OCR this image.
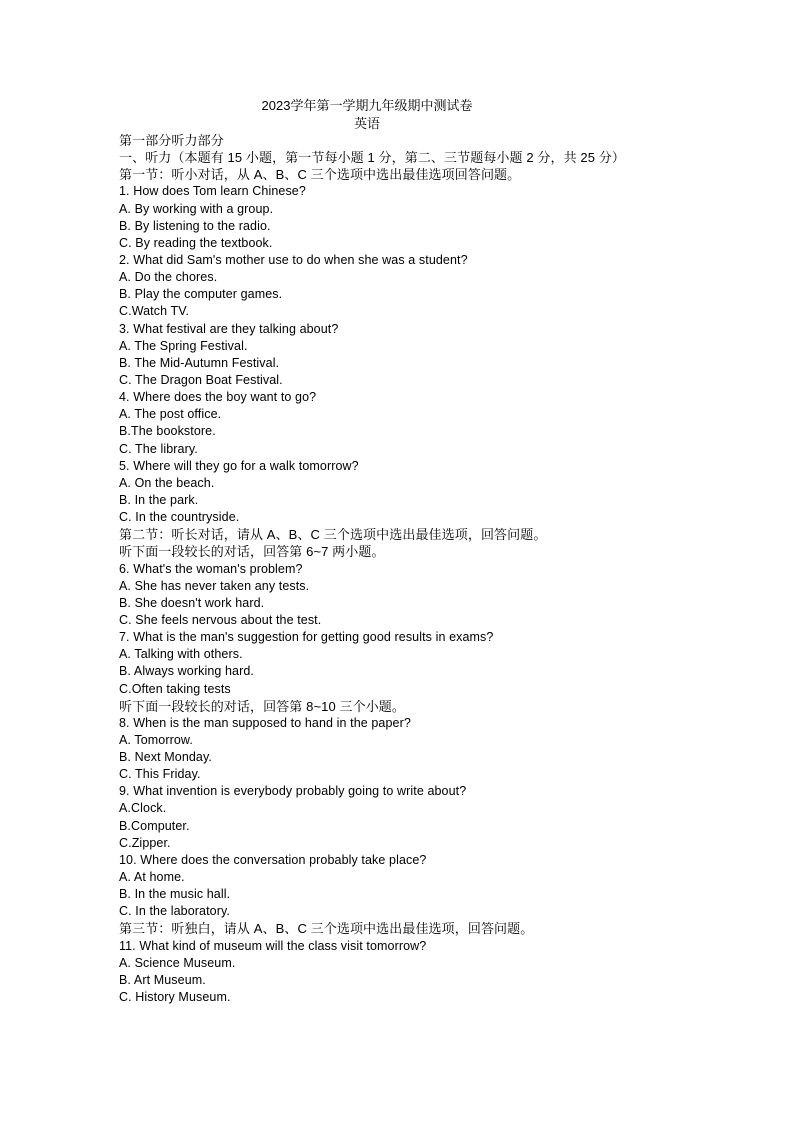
2023学年第一学期九年级期中测试卷
英语
第一部分听力部分
一、听力（本题有 15 小题，第一节每小题 1 分，第二、三节题每小题 2 分，共 25 分）
第一节：听小对话，从 A、B、C 三个选项中选出最佳选项回答问题。
1. How does Tom learn Chinese?
A. By working with a group.
B. By listening to the radio.
C. By reading the textbook.
2. What did Sam's mother use to do when she was a student?
A. Do the chores.
B. Play the computer games.
C.Watch TV.
3. What festival are they talking about?
A. The Spring Festival.
B. The Mid-Autumn Festival.
C. The Dragon Boat Festival.
4. Where does the boy want to go?
A. The post office.
B.The bookstore.
C. The library.
5. Where will they go for a walk tomorrow?
A. On the beach.
B. In the park.
C. In the countryside.
第二节：听长对话，请从 A、B、C 三个选项中选出最佳选项，回答问题。
听下面一段较长的对话，回答第 6~7 两小题。
6. What's the woman's problem?
A. She has never taken any tests.
B. She doesn't work hard.
C. She feels nervous about the test.
7. What is the man's suggestion for getting good results in exams?
A. Talking with others.
B. Always working hard.
C.Often taking tests
听下面一段较长的对话，回答第 8~10 三个小题。
8. When is the man supposed to hand in the paper?
A. Tomorrow.
B. Next Monday.
C. This Friday.
9. What invention is everybody probably going to write about?
A.Clock.
B.Computer.
C.Zipper.
10. Where does the conversation probably take place?
A. At home.
B. In the music hall.
C. In the laboratory.
第三节：听独白，请从 A、B、C 三个选项中选出最佳选项，回答问题。
11. What kind of museum will the class visit tomorrow?
A. Science Museum.
B. Art Museum.
C. History Museum.
